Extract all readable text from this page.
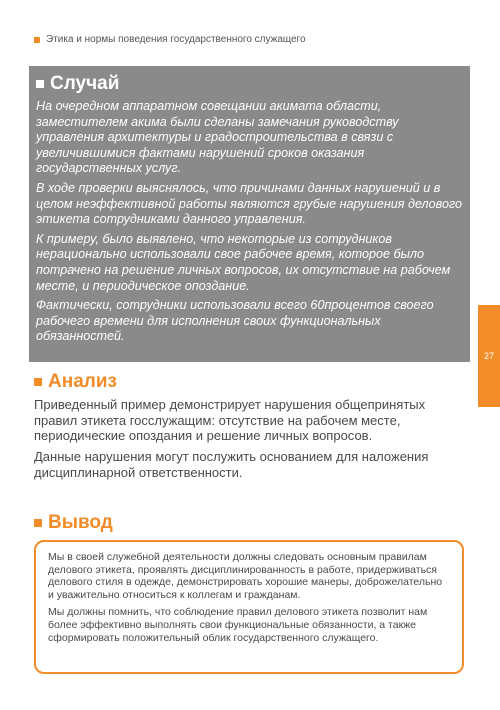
Этика и нормы поведения государственного служащего
Случай

На очередном аппаратном совещании акимата области, заместителем акима были сделаны замечания руководству управления архитектуры и градостроительства в связи с увеличившимися фактами нарушений сроков оказания государственных услуг.

В ходе проверки выяснялось, что причинами данных нарушений и в целом неэффективной работы являются грубые нарушения делового этикета сотрудниками данного управления.

К примеру, было выявлено, что некоторые из сотрудников нерационально использовали свое рабочее время, которое было потрачено на решение личных вопросов, их отсутствие на рабочем месте, и периодическое опоздание.

Фактически, сотрудники использовали всего 60процентов своего рабочего времени для исполнения своих функциональных обязанностей.

27
Анализ

Приведенный пример демонстрирует нарушения общепринятых правил этикета госслужащим: отсутствие на рабочем месте, периодические опоздания и решение личных вопросов.

Данные нарушения могут послужить основанием для наложения дисциплинарной ответственности.

Вывод

Мы в своей служебной деятельности должны следовать основным правилам делового этикета, проявлять дисциплинированность в работе, придерживаться делового стиля в одежде, демонстрировать хорошие манеры, доброжелательно и уважительно относиться к коллегам и гражданам.

Мы должны помнить, что соблюдение правил делового этикета позволит нам более эффективно выполнять свои функциональные обязанности, а также сформировать положительный облик государственного служащего.
